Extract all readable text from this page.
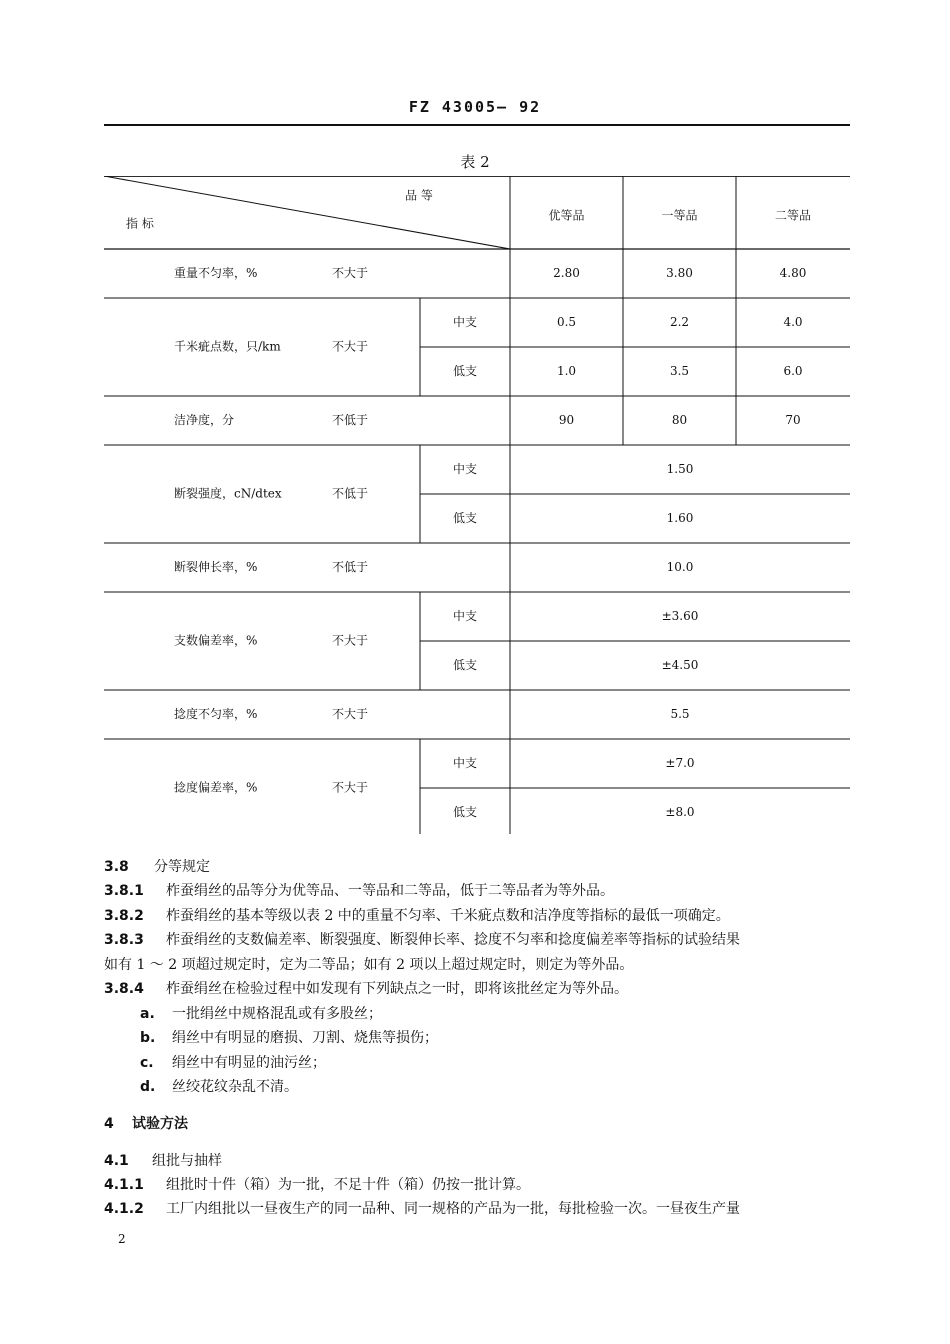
FZ 43005— 92
表 2
品 等
指 标
优等品	一等品	二等品
重量不匀率，%	不大于	2.80	3.80	4.80
千米疵点数，只/km	不大于
中支	0.5	2.2	4.0
低支	1.0	3.5	6.0
洁净度，分	不低于	90	80	70
断裂强度，cN/dtex	不低于
中支	1.50
低支	1.60
断裂伸长率，%	不低于	10.0
支数偏差率，%	不大于
中支	±3.60
低支	±4.50
捻度不匀率，%	不大于	5.5
捻度偏差率，%	不大于
中支	±7.0
低支	±8.0
3.8 分等规定
3.8.1 柞蚕绢丝的品等分为优等品、一等品和二等品，低于二等品者为等外品。
3.8.2 柞蚕绢丝的基本等级以表 2 中的重量不匀率、千米疵点数和洁净度等指标的最低一项确定。
3.8.3 柞蚕绢丝的支数偏差率、断裂强度、断裂伸长率、捻度不匀率和捻度偏差率等指标的试验结果
如有 1 ～ 2 项超过规定时，定为二等品；如有 2 项以上超过规定时，则定为等外品。
3.8.4 柞蚕绢丝在检验过程中如发现有下列缺点之一时，即将该批丝定为等外品。
a. 一批绢丝中规格混乱或有多股丝；
b. 绢丝中有明显的磨损、刀割、烧焦等损伤；
c. 绢丝中有明显的油污丝；
d. 丝绞花纹杂乱不清。
4 试验方法
4.1 组批与抽样
4.1.1 组批时十件（箱）为一批，不足十件（箱）仍按一批计算。
4.1.2 工厂内组批以一昼夜生产的同一品种、同一规格的产品为一批，每批检验一次。一昼夜生产量
2
